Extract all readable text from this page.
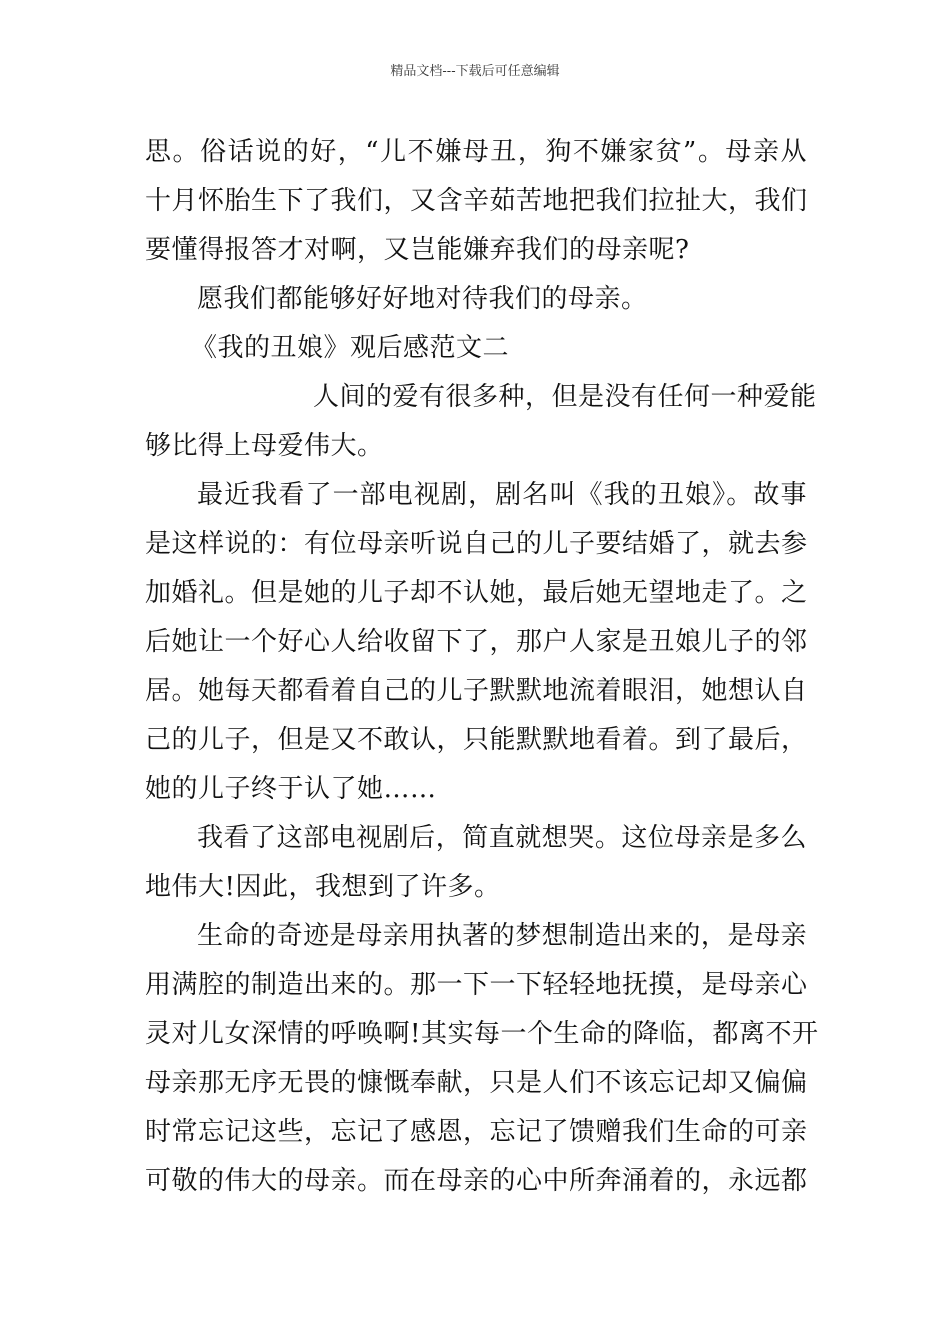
精品文档---下载后可任意编辑
思。俗话说的好，“儿不嫌母丑，狗不嫌家贫”。母亲从
十月怀胎生下了我们，又含辛茹苦地把我们拉扯大，我们
要懂得报答才对啊，又岂能嫌弃我们的母亲呢?
愿我们都能够好好地对待我们的母亲。
《我的丑娘》观后感范文二
人间的爱有很多种，但是没有任何一种爱能
够比得上母爱伟大。
最近我看了一部电视剧，剧名叫《我的丑娘》。故事
是这样说的：有位母亲听说自己的儿子要结婚了，就去参
加婚礼。但是她的儿子却不认她，最后她无望地走了。之
后她让一个好心人给收留下了，那户人家是丑娘儿子的邻
居。她每天都看着自己的儿子默默地流着眼泪，她想认自
己的儿子，但是又不敢认，只能默默地看着。到了最后，
她的儿子终于认了她……
我看了这部电视剧后，简直就想哭。这位母亲是多么
地伟大!因此，我想到了许多。
生命的奇迹是母亲用执著的梦想制造出来的，是母亲
用满腔的制造出来的。那一下一下轻轻地抚摸，是母亲心
灵对儿女深情的呼唤啊!其实每一个生命的降临，都离不开
母亲那无序无畏的慷慨奉献，只是人们不该忘记却又偏偏
时常忘记这些，忘记了感恩，忘记了馈赠我们生命的可亲
可敬的伟大的母亲。而在母亲的心中所奔涌着的，永远都
